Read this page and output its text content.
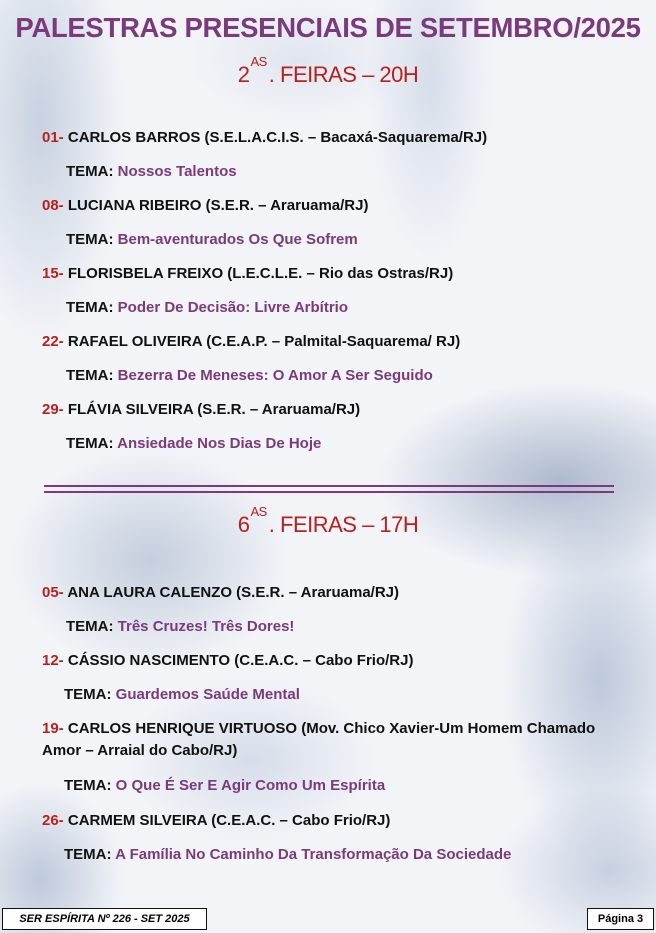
PALESTRAS PRESENCIAIS DE SETEMBRO/2025
$2^{AS}$. FEIRAS – 20H
01- CARLOS BARROS (S.E.L.A.C.I.S. – Bacaxá-Saquarema/RJ)
TEMA: Nossos Talentos
08- LUCIANA RIBEIRO (S.E.R. – Araruama/RJ)
TEMA: Bem-aventurados Os Que Sofrem
15- FLORISBELA FREIXO (L.E.C.L.E. – Rio das Ostras/RJ)
TEMA: Poder De Decisão: Livre Arbítrio
22- RAFAEL OLIVEIRA (C.E.A.P. – Palmital-Saquarema/ RJ)
TEMA: Bezerra De Meneses: O Amor A Ser Seguido
29- FLÁVIA SILVEIRA (S.E.R. – Araruama/RJ)
TEMA: Ansiedade Nos Dias De Hoje
$6^{AS}$. FEIRAS – 17H
05- ANA LAURA CALENZO (S.E.R. – Araruama/RJ)
TEMA: Três Cruzes! Três Dores!
12- CÁSSIO NASCIMENTO (C.E.A.C. – Cabo Frio/RJ)
TEMA: Guardemos Saúde Mental
19- CARLOS HENRIQUE VIRTUOSO (Mov. Chico Xavier-Um Homem Chamado Amor – Arraial do Cabo/RJ)
TEMA: O Que É Ser E Agir Como Um Espírita
26- CARMEM SILVEIRA (C.E.A.C. – Cabo Frio/RJ)
TEMA: A Família No Caminho Da Transformação Da Sociedade
SER ESPÍRITA Nº 226 - SET 2025	Página 3
